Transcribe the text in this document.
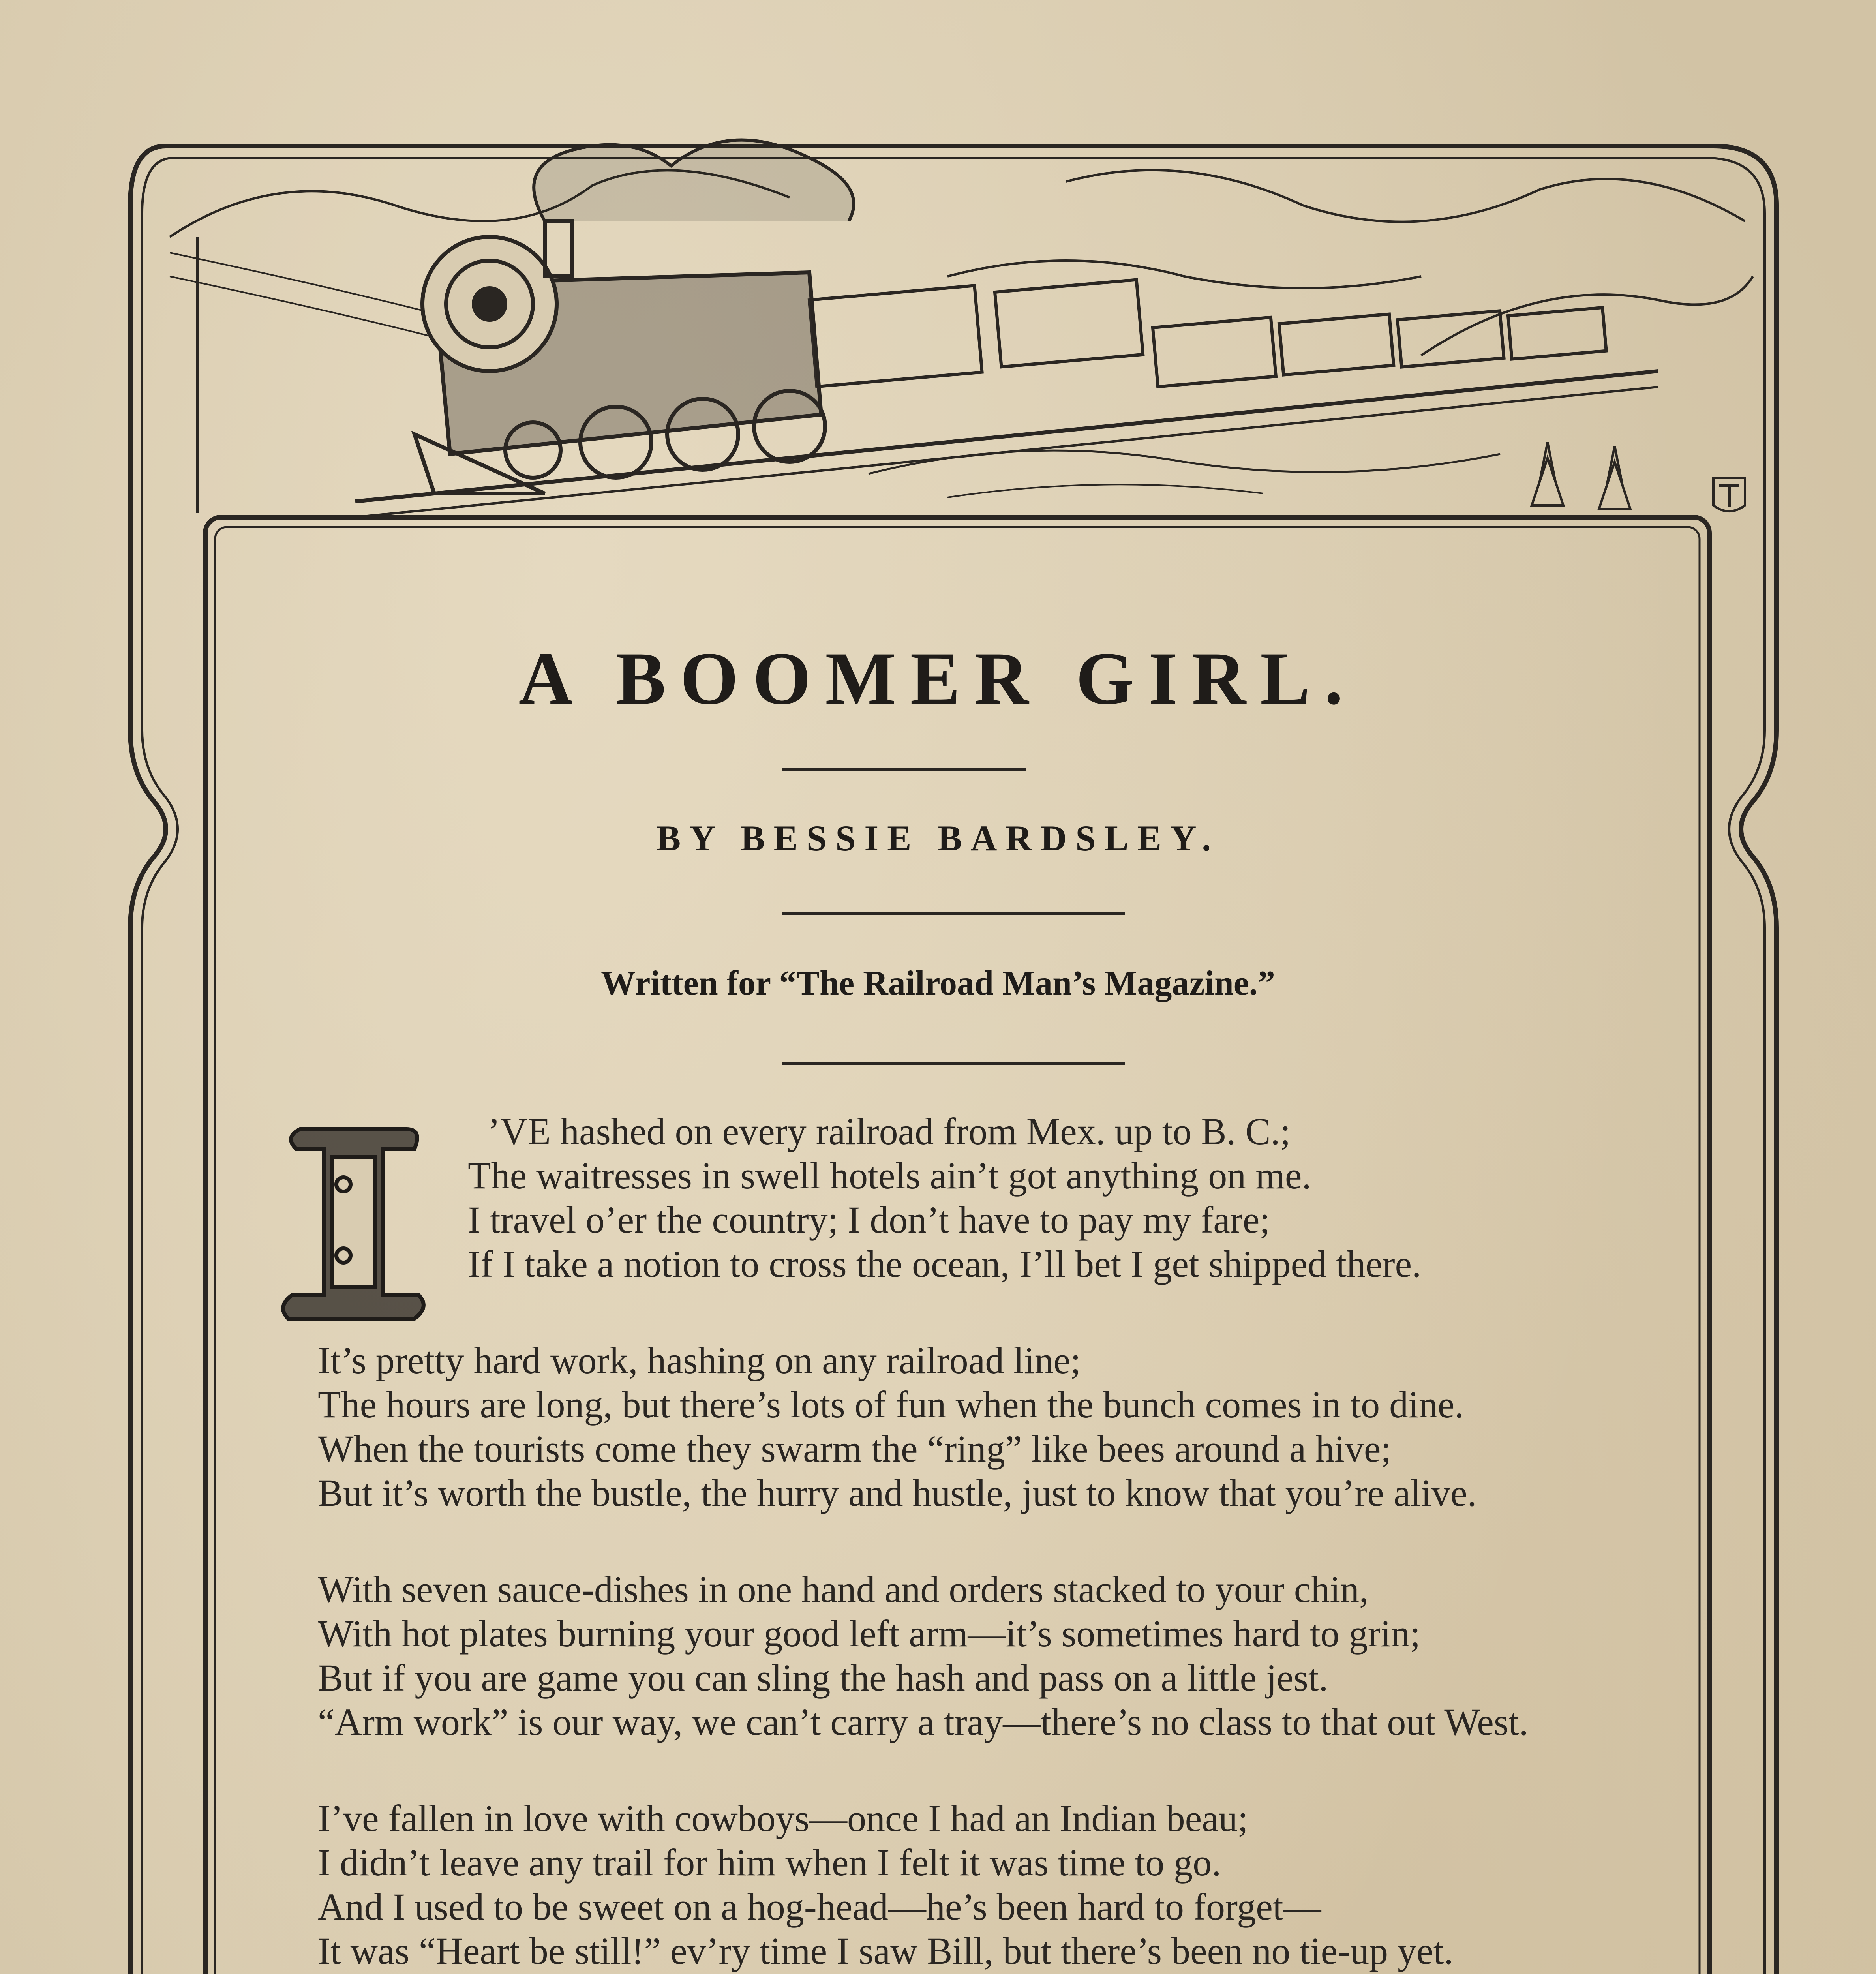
A BOOMER GIRL.
BY BESSIE BARDSLEY.
Written for “The Railroad Man’s Magazine.”
’VE hashed on every railroad from Mex. up to B. C.;
The waitresses in swell hotels ain’t got anything on me.
I travel o’er the country; I don’t have to pay my fare;
If I take a notion to cross the ocean, I’ll bet I get shipped there.
It’s pretty hard work, hashing on any railroad line;
The hours are long, but there’s lots of fun when the bunch comes in to dine.
When the tourists come they swarm the “ring” like bees around a hive;
But it’s worth the bustle, the hurry and hustle, just to know that you’re alive.
With seven sauce-dishes in one hand and orders stacked to your chin,
With hot plates burning your good left arm—it’s sometimes hard to grin;
But if you are game you can sling the hash and pass on a little jest.
“Arm work” is our way, we can’t carry a tray—there’s no class to that out West.
I’ve fallen in love with cowboys—once I had an Indian beau;
I didn’t leave any trail for him when I felt it was time to go.
And I used to be sweet on a hog-head—he’s been hard to forget—
It was “Heart be still!” ev’ry time I saw Bill, but there’s been no tie-up yet.
